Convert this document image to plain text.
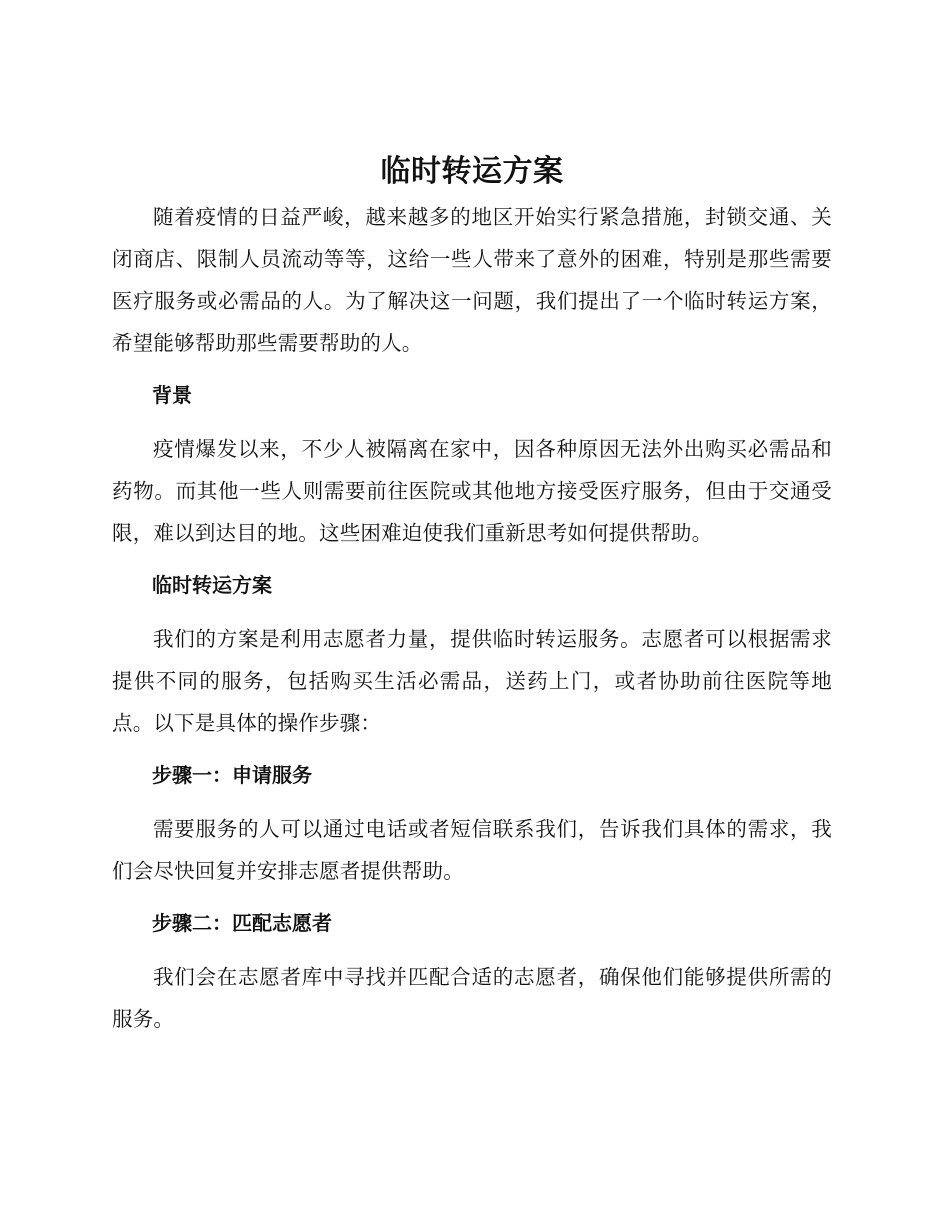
临时转运方案

随着疫情的日益严峻，越来越多的地区开始实行紧急措施，封锁交通、关闭商店、限制人员流动等等，这给一些人带来了意外的困难，特别是那些需要医疗服务或必需品的人。为了解决这一问题，我们提出了一个临时转运方案，希望能够帮助那些需要帮助的人。

背景

疫情爆发以来，不少人被隔离在家中，因各种原因无法外出购买必需品和药物。而其他一些人则需要前往医院或其他地方接受医疗服务，但由于交通受限，难以到达目的地。这些困难迫使我们重新思考如何提供帮助。

临时转运方案

我们的方案是利用志愿者力量，提供临时转运服务。志愿者可以根据需求提供不同的服务，包括购买生活必需品，送药上门，或者协助前往医院等地点。以下是具体的操作步骤：

步骤一：申请服务

需要服务的人可以通过电话或者短信联系我们，告诉我们具体的需求，我们会尽快回复并安排志愿者提供帮助。

步骤二：匹配志愿者

我们会在志愿者库中寻找并匹配合适的志愿者，确保他们能够提供所需的服务。
